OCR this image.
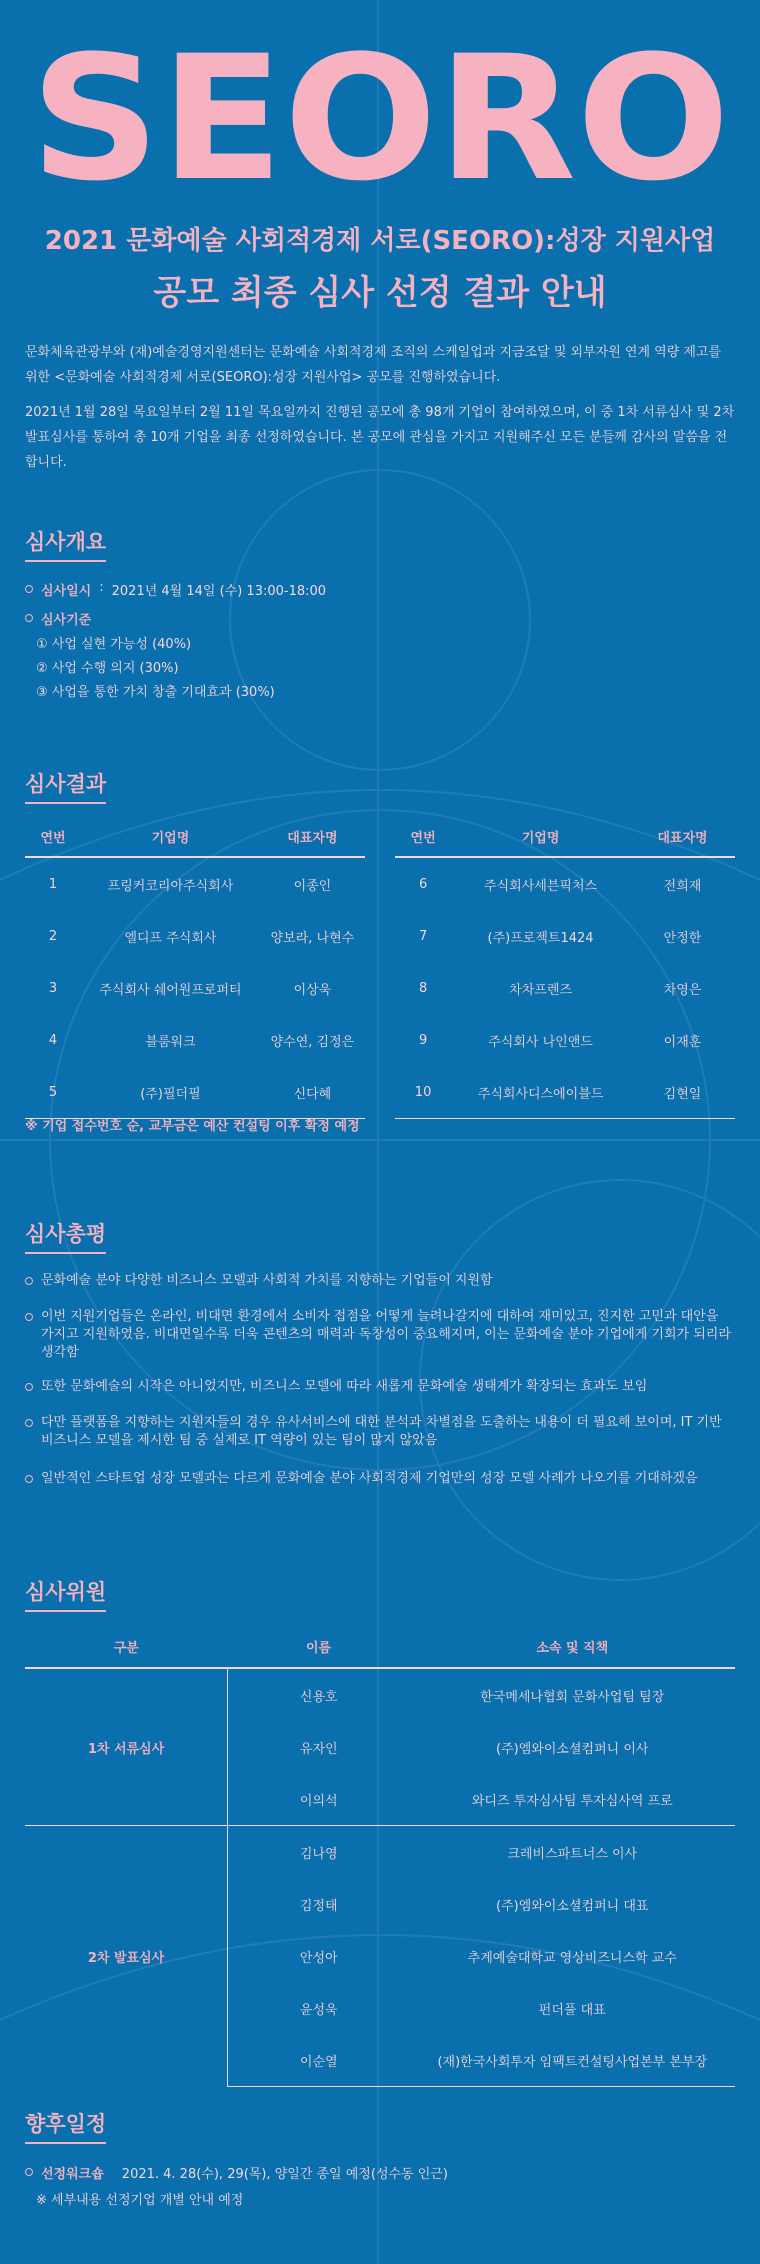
SEORO
2021 문화예술 사회적경제 서로(SEORO):성장 지원사업
공모 최종 심사 선정 결과 안내
문화체육관광부와 (재)예술경영지원센터는 문화예술 사회적경제 조직의 스케일업과 지금조달 및 외부자원 연계 역량 제고를 위한 <문화예술 사회적경제 서로(SEORO):성장 지원사업> 공모를 진행하였습니다.
2021년 1월 28일 목요일부터 2월 11일 목요일까지 진행된 공모에 총 98개 기업이 참여하였으며, 이 중 1차 서류심사 및 2차 발표심사를 통하여 총 10개 기업을 최종 선정하였습니다. 본 공모에 관심을 가지고 지원해주신 모든 분들께 감사의 말씀을 전합니다.
심사개요
심사일시 : 2021년 4월 14일 (수) 13:00-18:00
심사기준
① 사업 실현 가능성 (40%)
② 사업 수행 의지 (30%)
③ 사업을 통한 가치 창출 기대효과 (30%)
심사결과
연번	기업명	대표자명
1	프링커코리아주식회사	이종인
2	엘디프 주식회사	양보라, 나현수
3	주식회사 쉐어원프로퍼티	이상욱
4	블룸워크	양수연, 김정은
5	(주)필더필	신다혜
연번	기업명	대표자명
6	주식회사세븐픽처스	전희재
7	(주)프로젝트1424	안정한
8	차차프렌즈	차영은
9	주식회사 나인앤드	이재훈
10	주식회사디스에이블드	김현일
※ 기업 접수번호 순, 교부금은 예산 컨설팅 이후 확정 예정
심사총평
문화예술 분야 다양한 비즈니스 모델과 사회적 가치를 지향하는 기업들이 지원함
이번 지원기업들은 온라인, 비대면 환경에서 소비자 접점을 어떻게 늘려나갈지에 대하여 재미있고, 진지한 고민과 대안을 가지고 지원하였음. 비대면일수록 더욱 콘텐츠의 매력과 독창성이 중요해지며, 이는 문화예술 분야 기업에게 기회가 되리라 생각함
또한 문화예술의 시작은 아니었지만, 비즈니스 모델에 따라 새롭게 문화예술 생태계가 확장되는 효과도 보임
다만 플랫폼을 지향하는 지원자들의 경우 유사서비스에 대한 분석과 차별점을 도출하는 내용이 더 필요해 보이며, IT 기반 비즈니스 모델을 제시한 팀 중 실제로 IT 역량이 있는 팀이 많지 않았음
일반적인 스타트업 성장 모델과는 다르게 문화예술 분야 사회적경제 기업만의 성장 모델 사례가 나오기를 기대하겠음
심사위원
구분	이름	소속 및 직책
1차 서류심사	신용호	한국메세나협회 문화사업팀 팀장
	유자인	(주)엠와이소셜컴퍼니 이사
	이의석	와디즈 투자심사팀 투자심사역 프로
2차 발표심사	김나영	크레비스파트너스 이사
	김정태	(주)엠와이소셜컴퍼니 대표
	안성아	추계예술대학교 영상비즈니스학 교수
	윤성욱	펀더풀 대표
	이순열	(재)한국사회투자 임팩트컨설팅사업본부 본부장
향후일정
선정워크숍 2021. 4. 28(수), 29(목), 양일간 종일 예정(성수동 인근)
※ 세부내용 선정기업 개별 안내 예정
